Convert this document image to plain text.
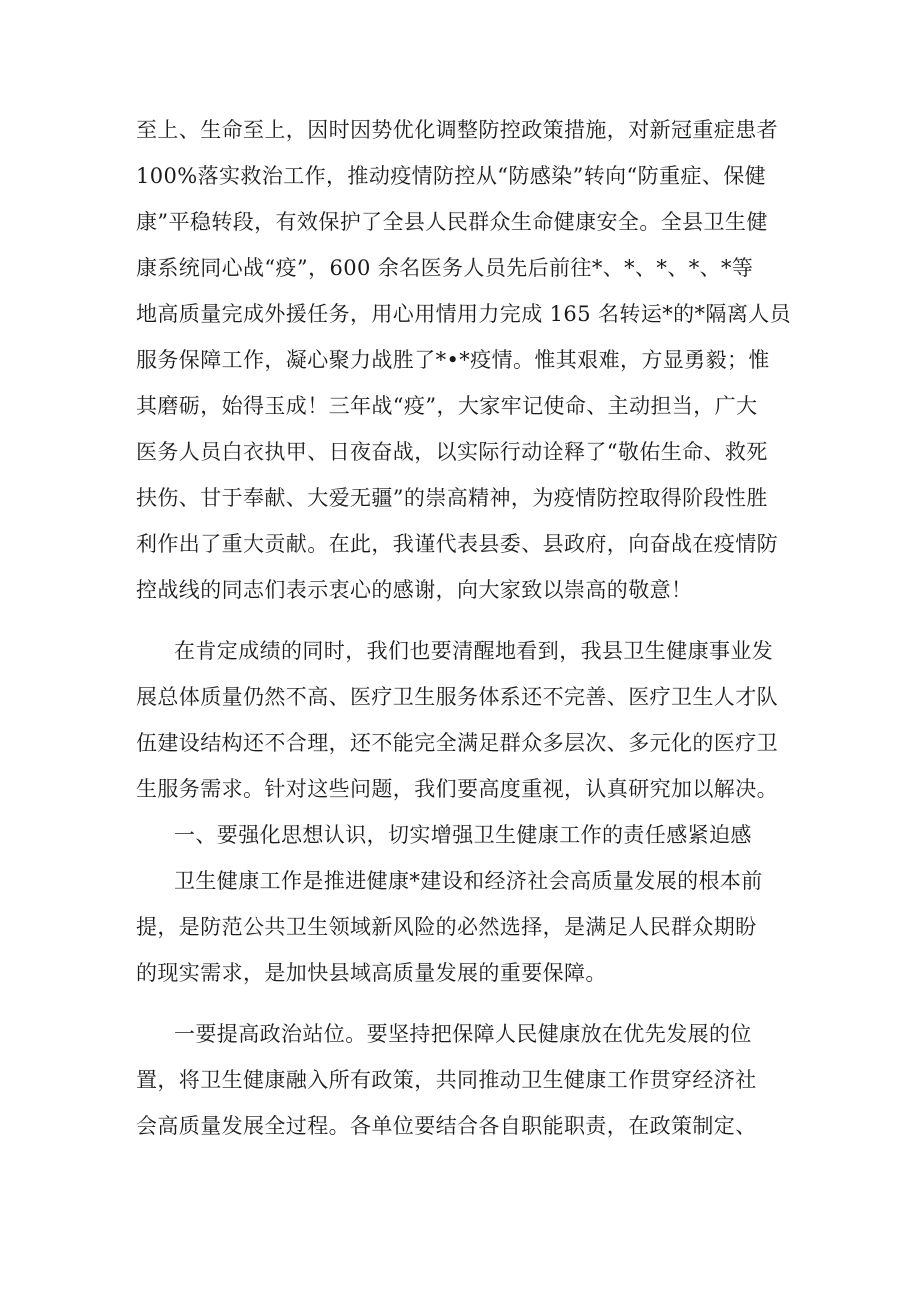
至上、生命至上，因时因势优化调整防控政策措施，对新冠重症患者
100%落实救治工作，推动疫情防控从“防感染”转向“防重症、保健
康”平稳转段，有效保护了全县人民群众生命健康安全。全县卫生健
康系统同心战“疫”，600 余名医务人员先后前往*、*、*、*、*等
地高质量完成外援任务，用心用情用力完成 165 名转运*的*隔离人员
服务保障工作，凝心聚力战胜了*•*疫情。惟其艰难，方显勇毅；惟
其磨砺，始得玉成！三年战“疫”，大家牢记使命、主动担当，广大
医务人员白衣执甲、日夜奋战，以实际行动诠释了“敬佑生命、救死
扶伤、甘于奉献、大爱无疆”的崇高精神，为疫情防控取得阶段性胜
利作出了重大贡献。在此，我谨代表县委、县政府，向奋战在疫情防
控战线的同志们表示衷心的感谢，向大家致以崇高的敬意！
在肯定成绩的同时，我们也要清醒地看到，我县卫生健康事业发
展总体质量仍然不高、医疗卫生服务体系还不完善、医疗卫生人才队
伍建设结构还不合理，还不能完全满足群众多层次、多元化的医疗卫
生服务需求。针对这些问题，我们要高度重视，认真研究加以解决。
一、要强化思想认识，切实增强卫生健康工作的责任感紧迫感
卫生健康工作是推进健康*建设和经济社会高质量发展的根本前
提，是防范公共卫生领域新风险的必然选择，是满足人民群众期盼
的现实需求，是加快县域高质量发展的重要保障。
一要提高政治站位。要坚持把保障人民健康放在优先发展的位
置，将卫生健康融入所有政策，共同推动卫生健康工作贯穿经济社
会高质量发展全过程。各单位要结合各自职能职责，在政策制定、
